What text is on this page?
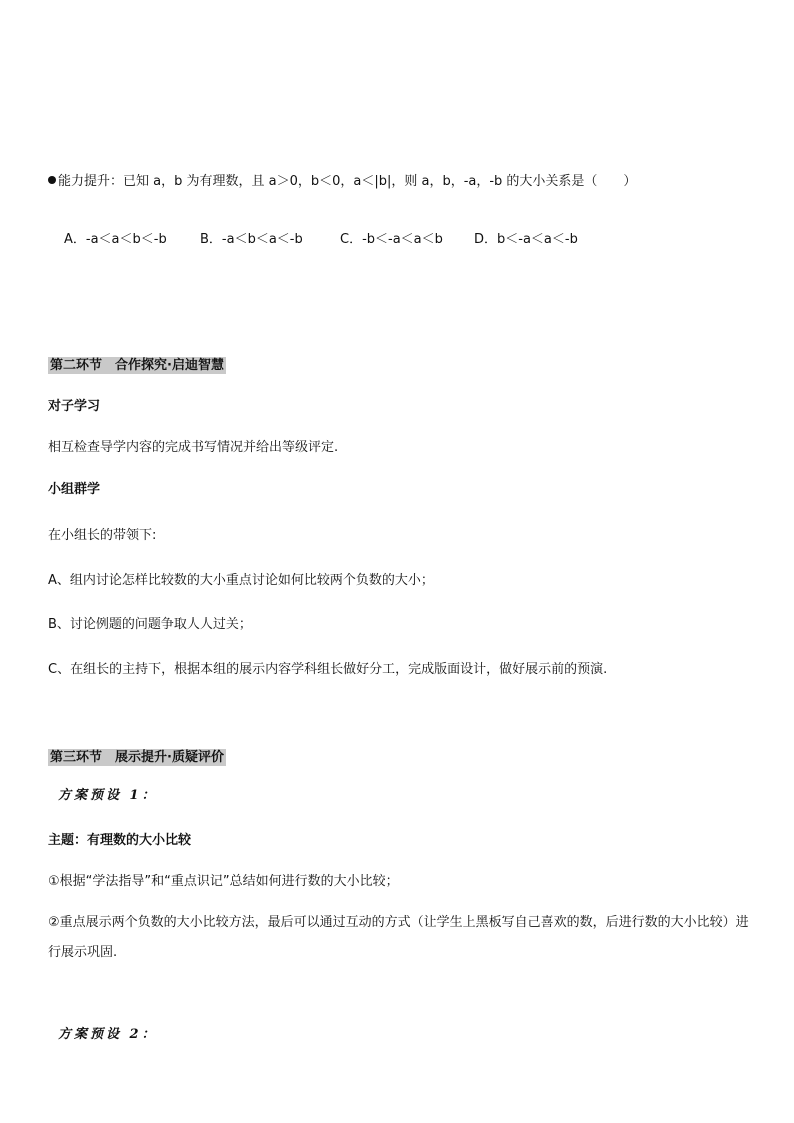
能力提升：已知 a，b 为有理数，且 a＞0，b＜0，a＜|b|，则 a，b，-a，-b 的大小关系是（　　）
A．-a＜a＜b＜-b	B．-a＜b＜a＜-b	C．-b＜-a＜a＜b D．b＜-a＜a＜-b
第二环节　合作探究·启迪智慧
对子学习
相互检查导学内容的完成书写情况并给出等级评定.
小组群学
在小组长的带领下:
A、组内讨论怎样比较数的大小重点讨论如何比较两个负数的大小；
B、讨论例题的问题争取人人过关；
C、在组长的主持下，根据本组的展示内容学科组长做好分工，完成版面设计，做好展示前的预演.
第三环节　展示提升·质疑评价
方案预设 1：
主题：有理数的大小比较
①根据“学法指导”和“重点识记”总结如何进行数的大小比较；
②重点展示两个负数的大小比较方法，最后可以通过互动的方式（让学生上黑板写自己喜欢的数，后进行数的大小比较）进行展示巩固.
方案预设 2：
